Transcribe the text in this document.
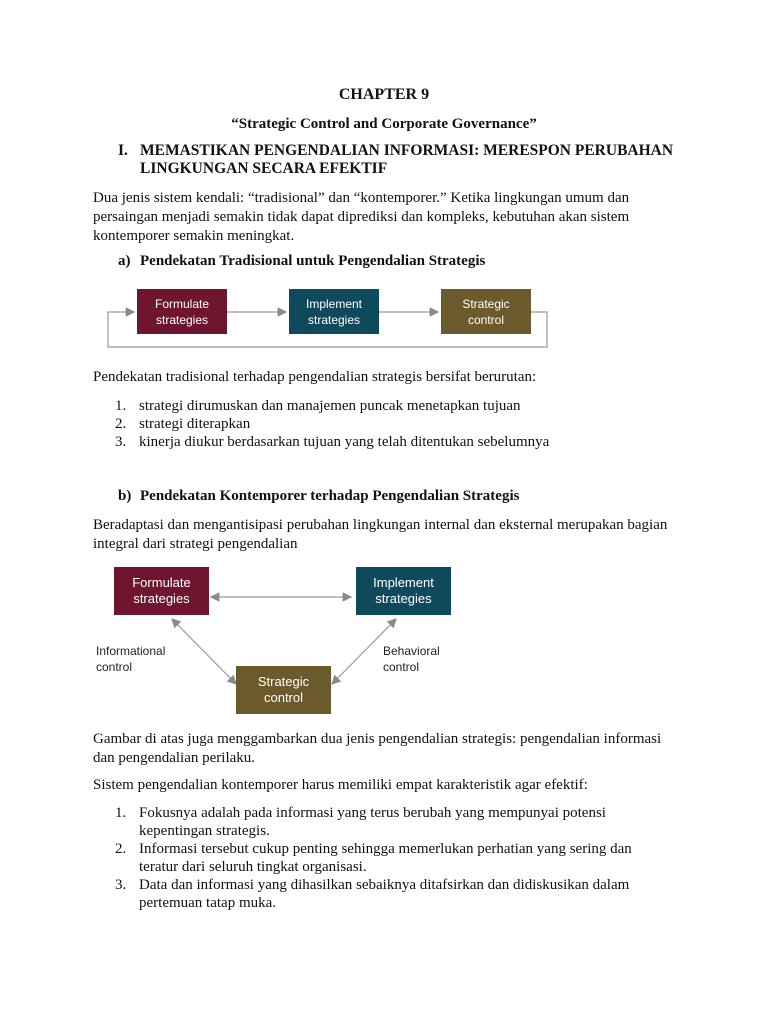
CHAPTER 9
“Strategic Control and Corporate Governance”
I. MEMASTIKAN PENGENDALIAN INFORMASI: MERESPON PERUBAHAN LINGKUNGAN SECARA EFEKTIF
Dua jenis sistem kendali: “tradisional” dan “kontemporer.” Ketika lingkungan umum dan persaingan menjadi semakin tidak dapat diprediksi dan kompleks, kebutuhan akan sistem kontemporer semakin meningkat.
a) Pendekatan Tradisional untuk Pengendalian Strategis
Formulate
strategies
Implement
strategies
Strategic
control
Pendekatan tradisional terhadap pengendalian strategis bersifat berurutan:
1. strategi dirumuskan dan manajemen puncak menetapkan tujuan
2. strategi diterapkan
3. kinerja diukur berdasarkan tujuan yang telah ditentukan sebelumnya
b) Pendekatan Kontemporer terhadap Pengendalian Strategis
Beradaptasi dan mengantisipasi perubahan lingkungan internal dan eksternal merupakan bagian integral dari strategi pengendalian
Formulate
strategies
Implement
strategies
Strategic
control
Informational
control
Behavioral
control
Gambar di atas juga menggambarkan dua jenis pengendalian strategis: pengendalian informasi dan pengendalian perilaku.
Sistem pengendalian kontemporer harus memiliki empat karakteristik agar efektif:
1. Fokusnya adalah pada informasi yang terus berubah yang mempunyai potensi kepentingan strategis.
2. Informasi tersebut cukup penting sehingga memerlukan perhatian yang sering dan teratur dari seluruh tingkat organisasi.
3. Data dan informasi yang dihasilkan sebaiknya ditafsirkan dan didiskusikan dalam pertemuan tatap muka.
